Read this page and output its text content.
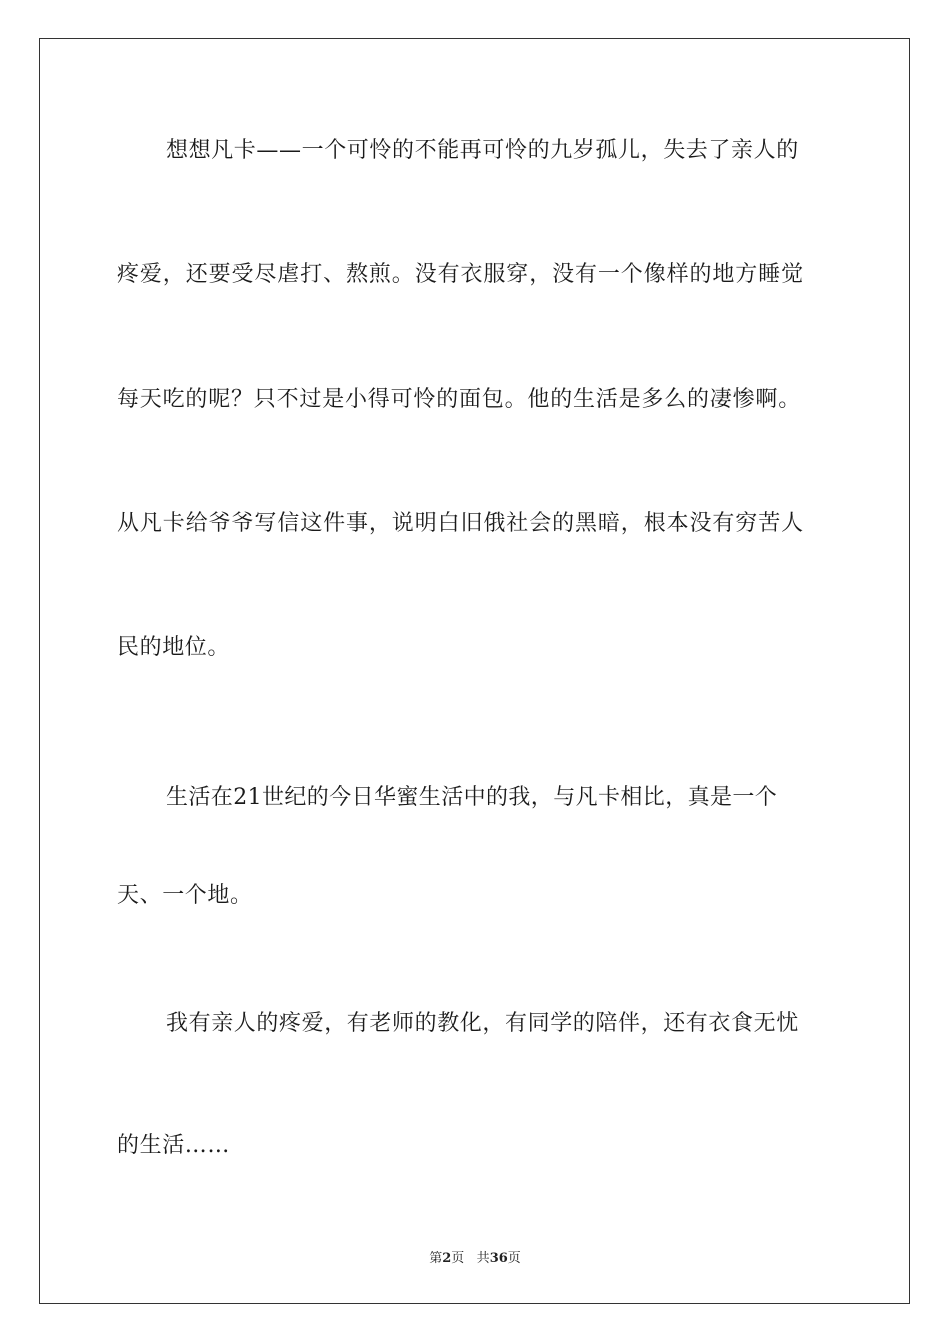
想想凡卡——一个可怜的不能再可怜的九岁孤儿，失去了亲人的
疼爱，还要受尽虐打、熬煎。没有衣服穿，没有一个像样的地方睡觉
每天吃的呢？只不过是小得可怜的面包。他的生活是多么的凄惨啊。
从凡卡给爷爷写信这件事，说明白旧俄社会的黑暗，根本没有穷苦人
民的地位。
生活在21世纪的今日华蜜生活中的我，与凡卡相比，真是一个
天、一个地。
我有亲人的疼爱，有老师的教化，有同学的陪伴，还有衣食无忧
的生活……
第2页 共36页
